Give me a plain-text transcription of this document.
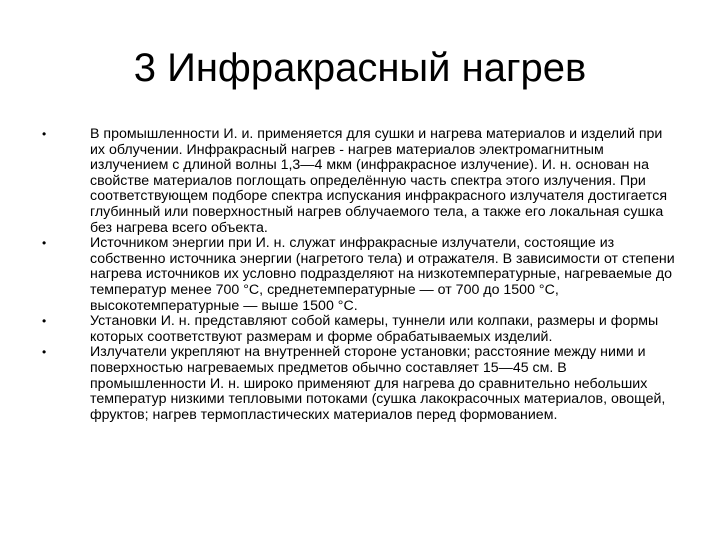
3 Инфракрасный нагрев
•	В промышленности И. и. применяется для сушки и нагрева материалов и изделий при их облучении. Инфракрасный нагрев - нагрев материалов электромагнитным излучением с длиной волны 1,3—4 мкм (инфракрасное излучение). И. н. основан на свойстве материалов поглощать определённую часть спектра этого излучения. При соответствующем подборе спектра испускания инфракрасного излучателя достигается глубинный или поверхностный нагрев облучаемого тела, а также его локальная сушка без нагрева всего объекта.
•	Источником энергии при И. н. служат инфракрасные излучатели, состоящие из собственно источника энергии (нагретого тела) и отражателя. В зависимости от степени нагрева источников их условно подразделяют на низкотемпературные, нагреваемые до температур менее 700 °С, среднетемпературные — от 700 до 1500 °С, высокотемпературные — выше 1500 °С.
•	Установки И. н. представляют собой камеры, туннели или колпаки, размеры и формы которых соответствуют размерам и форме обрабатываемых изделий.
•	Излучатели укрепляют на внутренней стороне установки; расстояние между ними и поверхностью нагреваемых предметов обычно составляет 15—45 см. В промышленности И. н. широко применяют для нагрева до сравнительно небольших температур низкими тепловыми потоками (сушка лакокрасочных материалов, овощей, фруктов; нагрев термопластических материалов перед формованием.
